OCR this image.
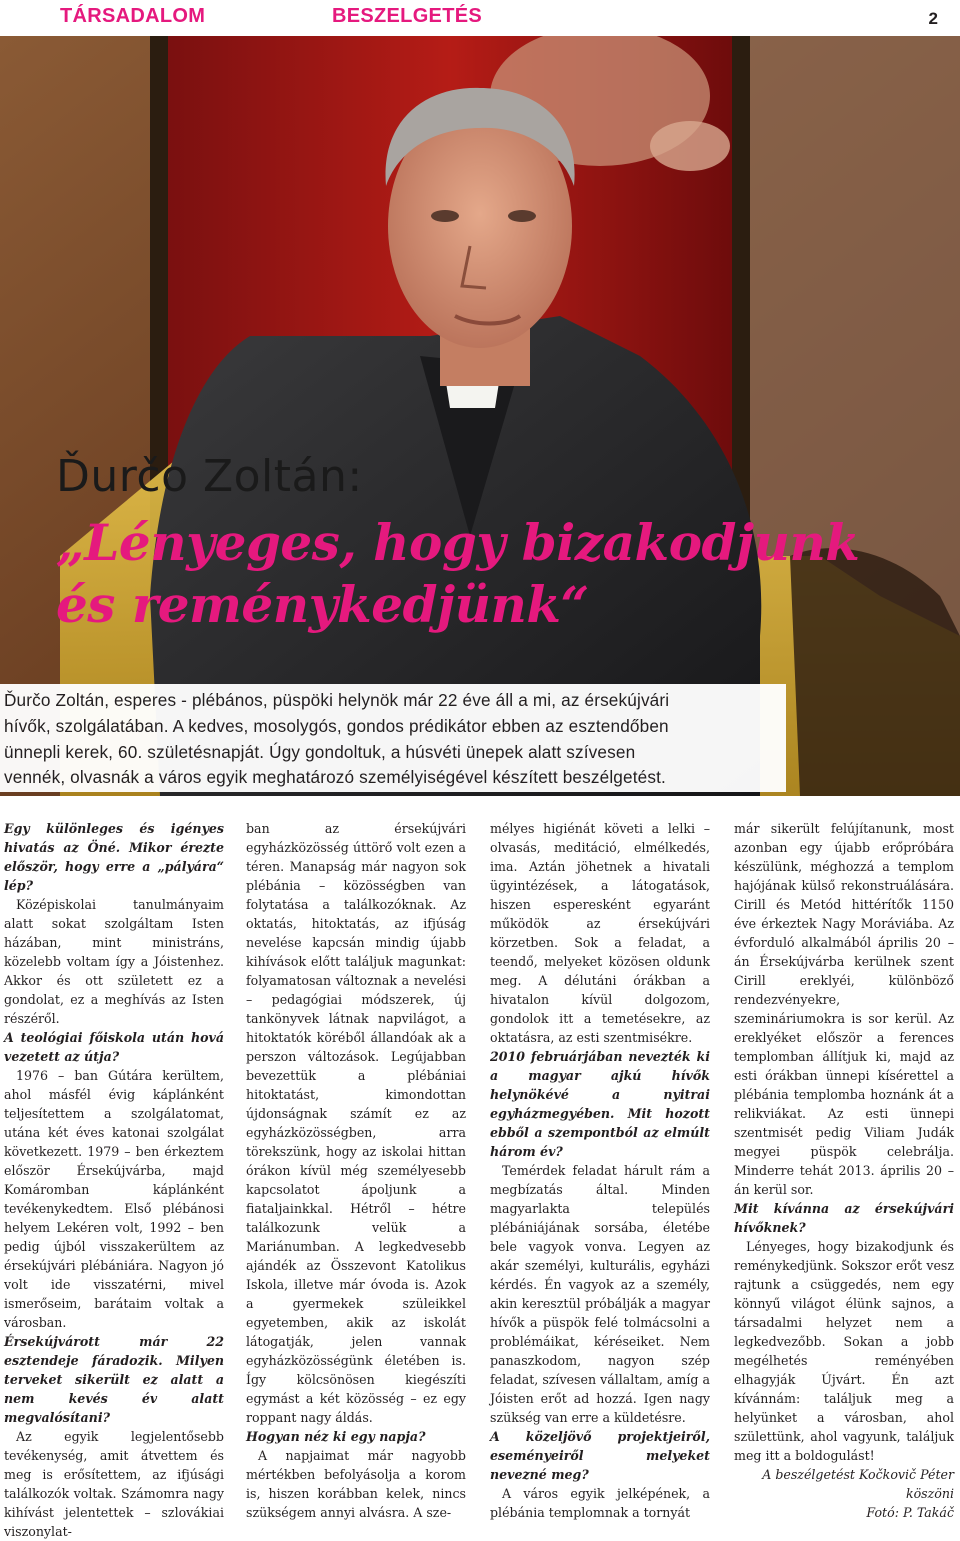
TÁRSADALOM	BESZELGETÉS	2
Ďurčo Zoltán:
„Lényeges, hogy bizakodjunk
és reménykedjünk“
Ďurčo Zoltán, esperes - plébános, püspöki helynök már 22 éve áll a mi, az érsekújvári
hívők, szolgálatában. A kedves, mosolygós, gondos prédikátor ebben az esztendőben
ünnepli kerek, 60. születésnapját. Úgy gondoltuk, a húsvéti ünepek alatt szívesen
vennék, olvasnák a város egyik meghatározó személyiségével készített beszélgetést.

Egy különleges és igényes hivatás az Öné. Mikor érezte először, hogy erre a „pályára“ lép?

Középiskolai tanulmányaim alatt sokat szolgáltam Isten házában, mint ministráns, közelebb voltam így a Jóistenhez. Akkor és ott született ez a gondolat, ez a meghívás az Isten részéről.

A teológiai főiskola után hová vezetett az útja?

1976 – ban Gútára kerültem, ahol másfél évig káplánként teljesítettem a szolgálatomat, utána két éves katonai szolgálat következett. 1979 – ben érkeztem először Érsekújvárba, majd Komáromban káplánként tevékenykedtem. Első plébánosi helyem Lekéren volt, 1992 – ben pedig újból visszakerültem az érsekújvári plébániára. Nagyon jó volt ide visszatérni, mivel ismerőseim, barátaim voltak a városban.

Érsekújvárott már 22 esztendeje fáradozik. Milyen terveket sikerült ez alatt a nem kevés év alatt megvalósítani?

Az egyik legjelentősebb tevékenység, amit átvettem és meg is erősítettem, az ifjúsági találkozók voltak. Számomra nagy kihívást jelentettek – szlovákiai viszonylat-

ban az érsekújvári egyházközösség úttörő volt ezen a téren. Manapság már nagyon sok plébánia – közösségben van folytatása a találkozóknak. Az oktatás, hitoktatás, az ifjúság nevelése kapcsán mindig újabb kihívások előtt találjuk magunkat: folyamatosan változnak a nevelési – pedagógiai módszerek, új tankönyvek látnak napvilágot, a hitoktatók köréből állandóak ak a perszon változások. Legújabban bevezettük a plébániai hitoktatást, kimondottan újdonságnak számít ez az egyházközösségben, arra törekszünk, hogy az iskolai hittan órákon kívül még személyesebb kapcsolatot ápoljunk a fiataljainkkal. Hétről – hétre találkozunk velük a Mariánumban. A legkedvesebb ajándék az Összevont Katolikus Iskola, illetve már óvoda is. Azok a gyermekek szüleikkel egyetemben, akik az iskolát látogatják, jelen vannak egyházközösségünk életében is. Így kölcsönösen kiegészíti egymást a két közösség – ez egy roppant nagy áldás.

Hogyan néz ki egy napja?

A napjaimat már nagyobb mértékben befolyásolja a korom is, hiszen korábban kelek, nincs szükségem annyi alvásra. A sze-

mélyes higiénát követi a lelki – olvasás, meditáció, elmélkedés, ima. Aztán jöhetnek a hivatali ügyintézések, a látogatások, hiszen esperesként egyaránt működök az érsekújvári körzetben. Sok a feladat, a teendő, melyeket közösen oldunk meg. A délutáni órákban a hivatalon kívül dolgozom, gondolok itt a temetésekre, az oktatásra, az esti szentmisékre.

2010 februárjában nevezték ki a magyar ajkú hívők helynökévé a nyitrai egyházmegyében. Mit hozott ebből a szempontból az elmúlt három év?

Temérdek feladat hárult rám a megbízatás által. Minden magyarlakta település plébániájának sorsába, életébe bele vagyok vonva. Legyen az akár személyi, kulturális, egyházi kérdés. Én vagyok az a személy, akin keresztül próbálják a magyar hívők a püspök felé tolmácsolni a problémáikat, kéréseiket. Nem panaszkodom, nagyon szép feladat, szívesen vállaltam, amíg a Jóisten erőt ad hozzá. Igen nagy szükség van erre a küldetésre.

A közeljövő projektjeiről, eseményeiről melyeket nevezné meg?

A város egyik jelképének, a plébánia templomnak a tornyát

már sikerült felújítanunk, most azonban egy újabb erőpróbára készülünk, méghozzá a templom hajójának külső rekonstruálására. Cirill és Metód hittérítők 1150 éve érkeztek Nagy Moráviába. Az évforduló alkalmából április 20 – án Érsekújvárba kerülnek szent Cirill ereklyéi, különböző rendezvényekre, szemináriumokra is sor kerül. Az ereklyéket először a ferences templomban állítjuk ki, majd az esti órákban ünnepi kísérettel a plébánia templomba hoznánk át a relikviákat. Az esti ünnepi szentmisét pedig Viliam Judák megyei püspök celebrálja. Minderre tehát 2013. április 20 – án kerül sor.

Mit kívánna az érsekújvári hívőknek?

Lényeges, hogy bizakodjunk és reménykedjünk. Sokszor erőt vesz rajtunk a csüggedés, nem egy könnyű világot élünk sajnos, a társadalmi helyzet nem a legkedvezőbb. Sokan a jobb megélhetés reményében elhagyják Újvárt. Én azt kívánnám: találjuk meg a helyünket a városban, ahol születtünk, ahol vagyunk, találjuk meg itt a boldogulást!

A beszélgetést Kočkovič Péter köszöni

Fotó: P. Takáč
